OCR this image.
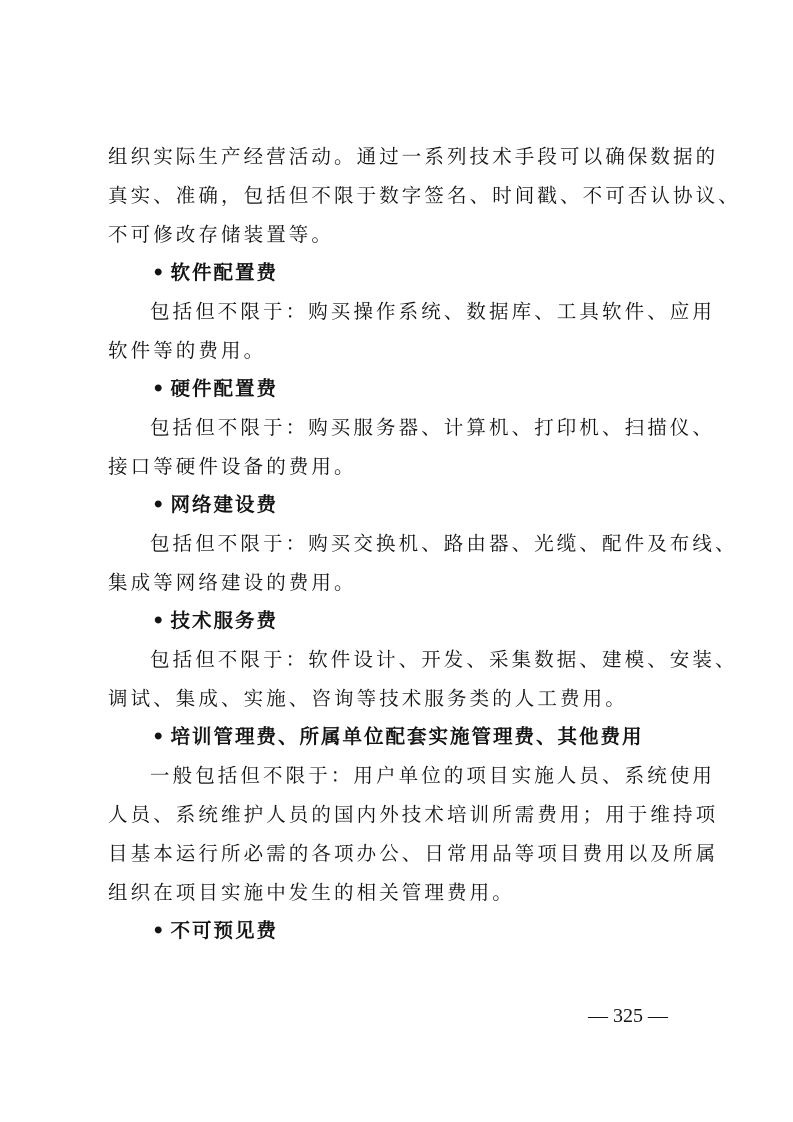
组织实际生产经营活动。通过一系列技术手段可以确保数据的
真实、准确，包括但不限于数字签名、时间戳、不可否认协议、
不可修改存储装置等。
• 软件配置费
包括但不限于：购买操作系统、数据库、工具软件、应用
软件等的费用。
• 硬件配置费
包括但不限于：购买服务器、计算机、打印机、扫描仪、
接口等硬件设备的费用。
• 网络建设费
包括但不限于：购买交换机、路由器、光缆、配件及布线、
集成等网络建设的费用。
• 技术服务费
包括但不限于：软件设计、开发、采集数据、建模、安装、
调试、集成、实施、咨询等技术服务类的人工费用。
• 培训管理费、所属单位配套实施管理费、其他费用
一般包括但不限于：用户单位的项目实施人员、系统使用
人员、系统维护人员的国内外技术培训所需费用；用于维持项
目基本运行所必需的各项办公、日常用品等项目费用以及所属
组织在项目实施中发生的相关管理费用。
• 不可预见费
— 325 —
